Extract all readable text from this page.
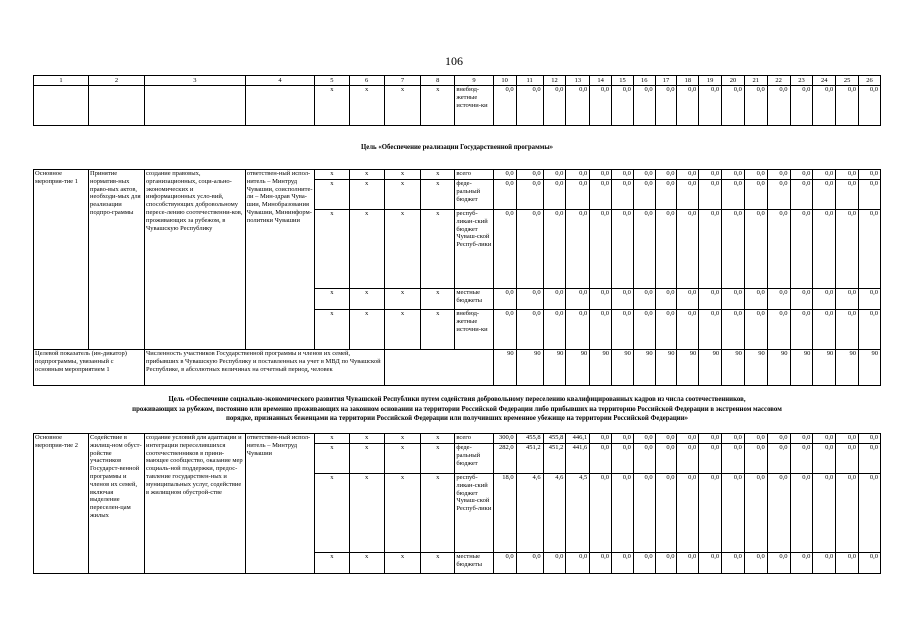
106
1	2	3	4	5	6	7	8	9	10	11	12	13	14	15	16	17	18	19	20	21	22	23	24	25	26
				x	x	x	x	внебюд-жетные источни-ки	0,0	0,0	0,0	0,0	0,0	0,0	0,0	0,0	0,0	0,0	0,0	0,0	0,0	0,0	0,0	0,0	0,0
Цель «Обеспечение реализации Государственной программы»																									
Основное мероприя-тие 1	Принятие норматив-ных право-вых актов, необходи-мых для реализации подпро-граммы	создание правовых, организационных, соци-ально-экономических и информационных усло-вий, способствующих добровольному пересе-лению соотечественни-ков, проживающих за рубежом, в Чувашскую Республику	ответствен-ный испол-нитель – Минтруд Чувашии, соисполните-ли – Мин-здрав Чува-шии, Минобразования Чувашии, Мининформ-политики Чувашии	x	x	x	x	всего	0,0	0,0	0,0	0,0	0,0	0,0	0,0	0,0	0,0	0,0	0,0	0,0	0,0	0,0	0,0	0,0	0,0
				x	x	x	x	феде-ральный бюджет	0,0	0,0	0,0	0,0	0,0	0,0	0,0	0,0	0,0	0,0	0,0	0,0	0,0	0,0	0,0	0,0	0,0
				x	x	x	x	респуб-ликан-ский бюджет Чуваш-ской Респуб-лики	0,0	0,0	0,0	0,0	0,0	0,0	0,0	0,0	0,0	0,0	0,0	0,0	0,0	0,0	0,0	0,0	0,0
				x	x	x	x	местные бюджеты	0,0	0,0	0,0	0,0	0,0	0,0	0,0	0,0	0,0	0,0	0,0	0,0	0,0	0,0	0,0	0,0	0,0
				x	x	x	x	внебюд-жетные источни-ки	0,0	0,0	0,0	0,0	0,0	0,0	0,0	0,0	0,0	0,0	0,0	0,0	0,0	0,0	0,0	0,0	0,0
Целевой показатель (ин-дикатор) подпрограммы, увязанный с основным мероприятием 1		Численность участников Государственной программы и членов их семей, прибывших в Чувашскую Республику и поставленных на учет в МВД по Чувашской Республике, в абсолютных величинах на отчетный период, человек							90	90	90	90	90	90	90	90	90	90	90	90	90	90	90	90	90

Цель «Обеспечение социально-экономического развития Чувашской Республики путем содействия добровольному переселению квалифицированных кадров из числа соотечественников,
проживающих за рубежом, постоянно или временно проживающих на законном основании на территории Российской Федерации либо прибывших на территорию Российской Федерации в экстренном массовом
порядке, признанных беженцами на территории Российской Федерации или получивших временное убежище на территории Российской Федерации»																									

Основное мероприя-тие 2	Содействие в жилищ-ном обуст-ройстве участников Государст-венной программы и членов их семей, включая выделение переселен-цам жилых	создание условий для адаптации и интеграции переселившихся соотечественников в прини-мающее сообщество, оказание мер социаль-ной поддержки, предос-тавление государствен-ных и муниципальных услуг, содействие в жилищном обустрой-стве	ответствен-ный испол-нитель – Минтруд Чувашии	x	x	x	x	всего	300,0	455,8	455,8	446,1	0,0	0,0	0,0	0,0	0,0	0,0	0,0	0,0	0,0	0,0	0,0	0,0	0,0
				x	x	x	x	феде-ральный бюджет	282,0	451,2	451,2	441,6	0,0	0,0	0,0	0,0	0,0	0,0	0,0	0,0	0,0	0,0	0,0	0,0	0,0
				x	x	x	x	респуб-ликан-ский бюджет Чуваш-ской Респуб-лики	18,0	4,6	4,6	4,5	0,0	0,0	0,0	0,0	0,0	0,0	0,0	0,0	0,0	0,0	0,0	0,0	0,0
				x	x	x	x	местные бюджеты	0,0	0,0	0,0	0,0	0,0	0,0	0,0	0,0	0,0	0,0	0,0	0,0	0,0	0,0	0,0	0,0	0,0
